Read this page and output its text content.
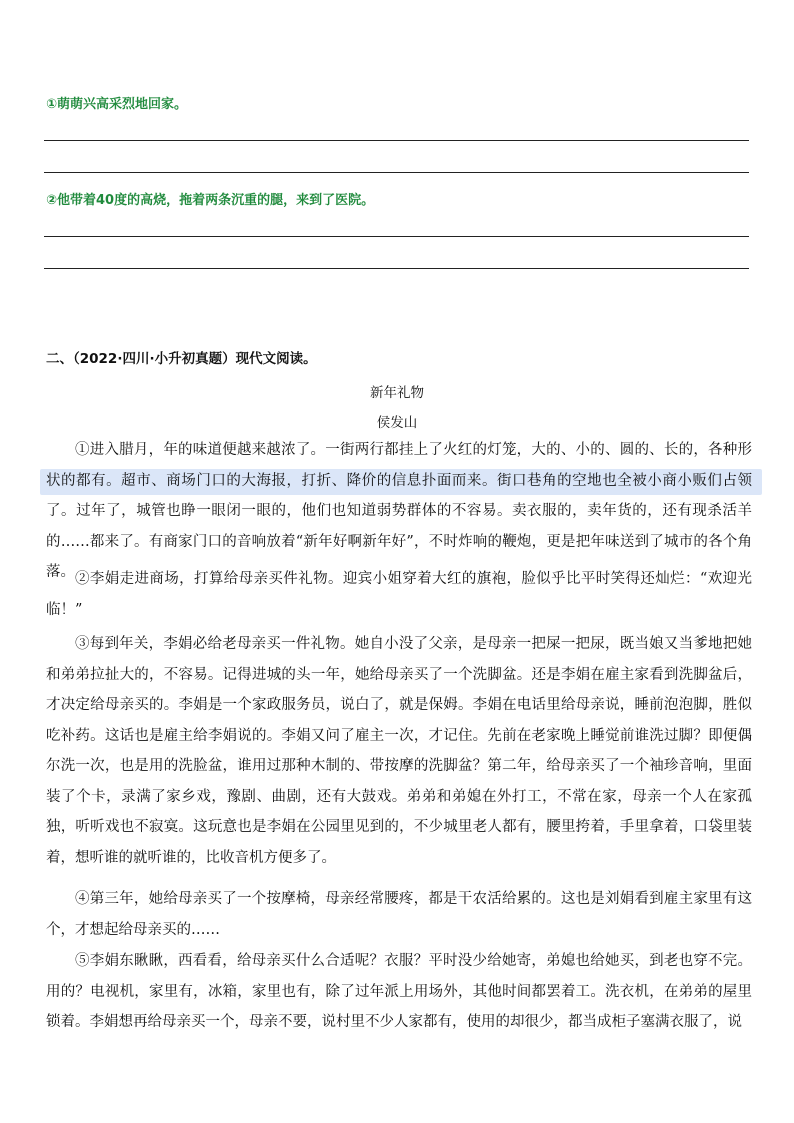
①萌萌兴高采烈地回家。
②他带着40度的高烧，拖着两条沉重的腿，来到了医院。
二、（2022·四川·小升初真题）现代文阅读。
新年礼物
侯发山

①进入腊月，年的味道便越来越浓了。一街两行都挂上了火红的灯笼，大的、小的、圆的、长的，各种形状的都有。超市、商场门口的大海报，打折、降价的信息扑面而来。街口巷角的空地也全被小商小贩们占领了。过年了，城管也睁一眼闭一眼的，他们也知道弱势群体的不容易。卖衣服的，卖年货的，还有现杀活羊的……都来了。有商家门口的音响放着“新年好啊新年好”，不时炸响的鞭炮，更是把年味送到了城市的各个角落。 ②李娟走进商场，打算给母亲买件礼物。迎宾小姐穿着大红的旗袍，脸似乎比平时笑得还灿烂：“欢迎光临！”

③每到年关，李娟必给老母亲买一件礼物。她自小没了父亲，是母亲一把屎一把尿，既当娘又当爹地把她和弟弟拉扯大的，不容易。记得进城的头一年，她给母亲买了一个洗脚盆。还是李娟在雇主家看到洗脚盆后，才决定给母亲买的。李娟是一个家政服务员，说白了，就是保姆。李娟在电话里给母亲说，睡前泡泡脚，胜似吃补药。这话也是雇主给李娟说的。李娟又问了雇主一次，才记住。先前在老家晚上睡觉前谁洗过脚？即便偶尔洗一次，也是用的洗脸盆，谁用过那种木制的、带按摩的洗脚盆？第二年，给母亲买了一个袖珍音响，里面装了个卡，录满了家乡戏，豫剧、曲剧，还有大鼓戏。弟弟和弟媳在外打工，不常在家，母亲一个人在家孤独，听听戏也不寂寞。这玩意也是李娟在公园里见到的，不少城里老人都有，腰里挎着，手里拿着，口袋里装着，想听谁的就听谁的，比收音机方便多了。

④第三年，她给母亲买了一个按摩椅，母亲经常腰疼，都是干农活给累的。这也是刘娟看到雇主家里有这个，才想起给母亲买的……

⑤李娟东瞅瞅，西看看，给母亲买什么合适呢？衣服？平时没少给她寄，弟媳也给她买，到老也穿不完。用的？电视机，家里有，冰箱，家里也有，除了过年派上用场外，其他时间都罢着工。洗衣机，在弟弟的屋里锁着。李娟想再给母亲买一个，母亲不要，说村里不少人家都有，使用的却很少，都当成柜子塞满衣服了，说
